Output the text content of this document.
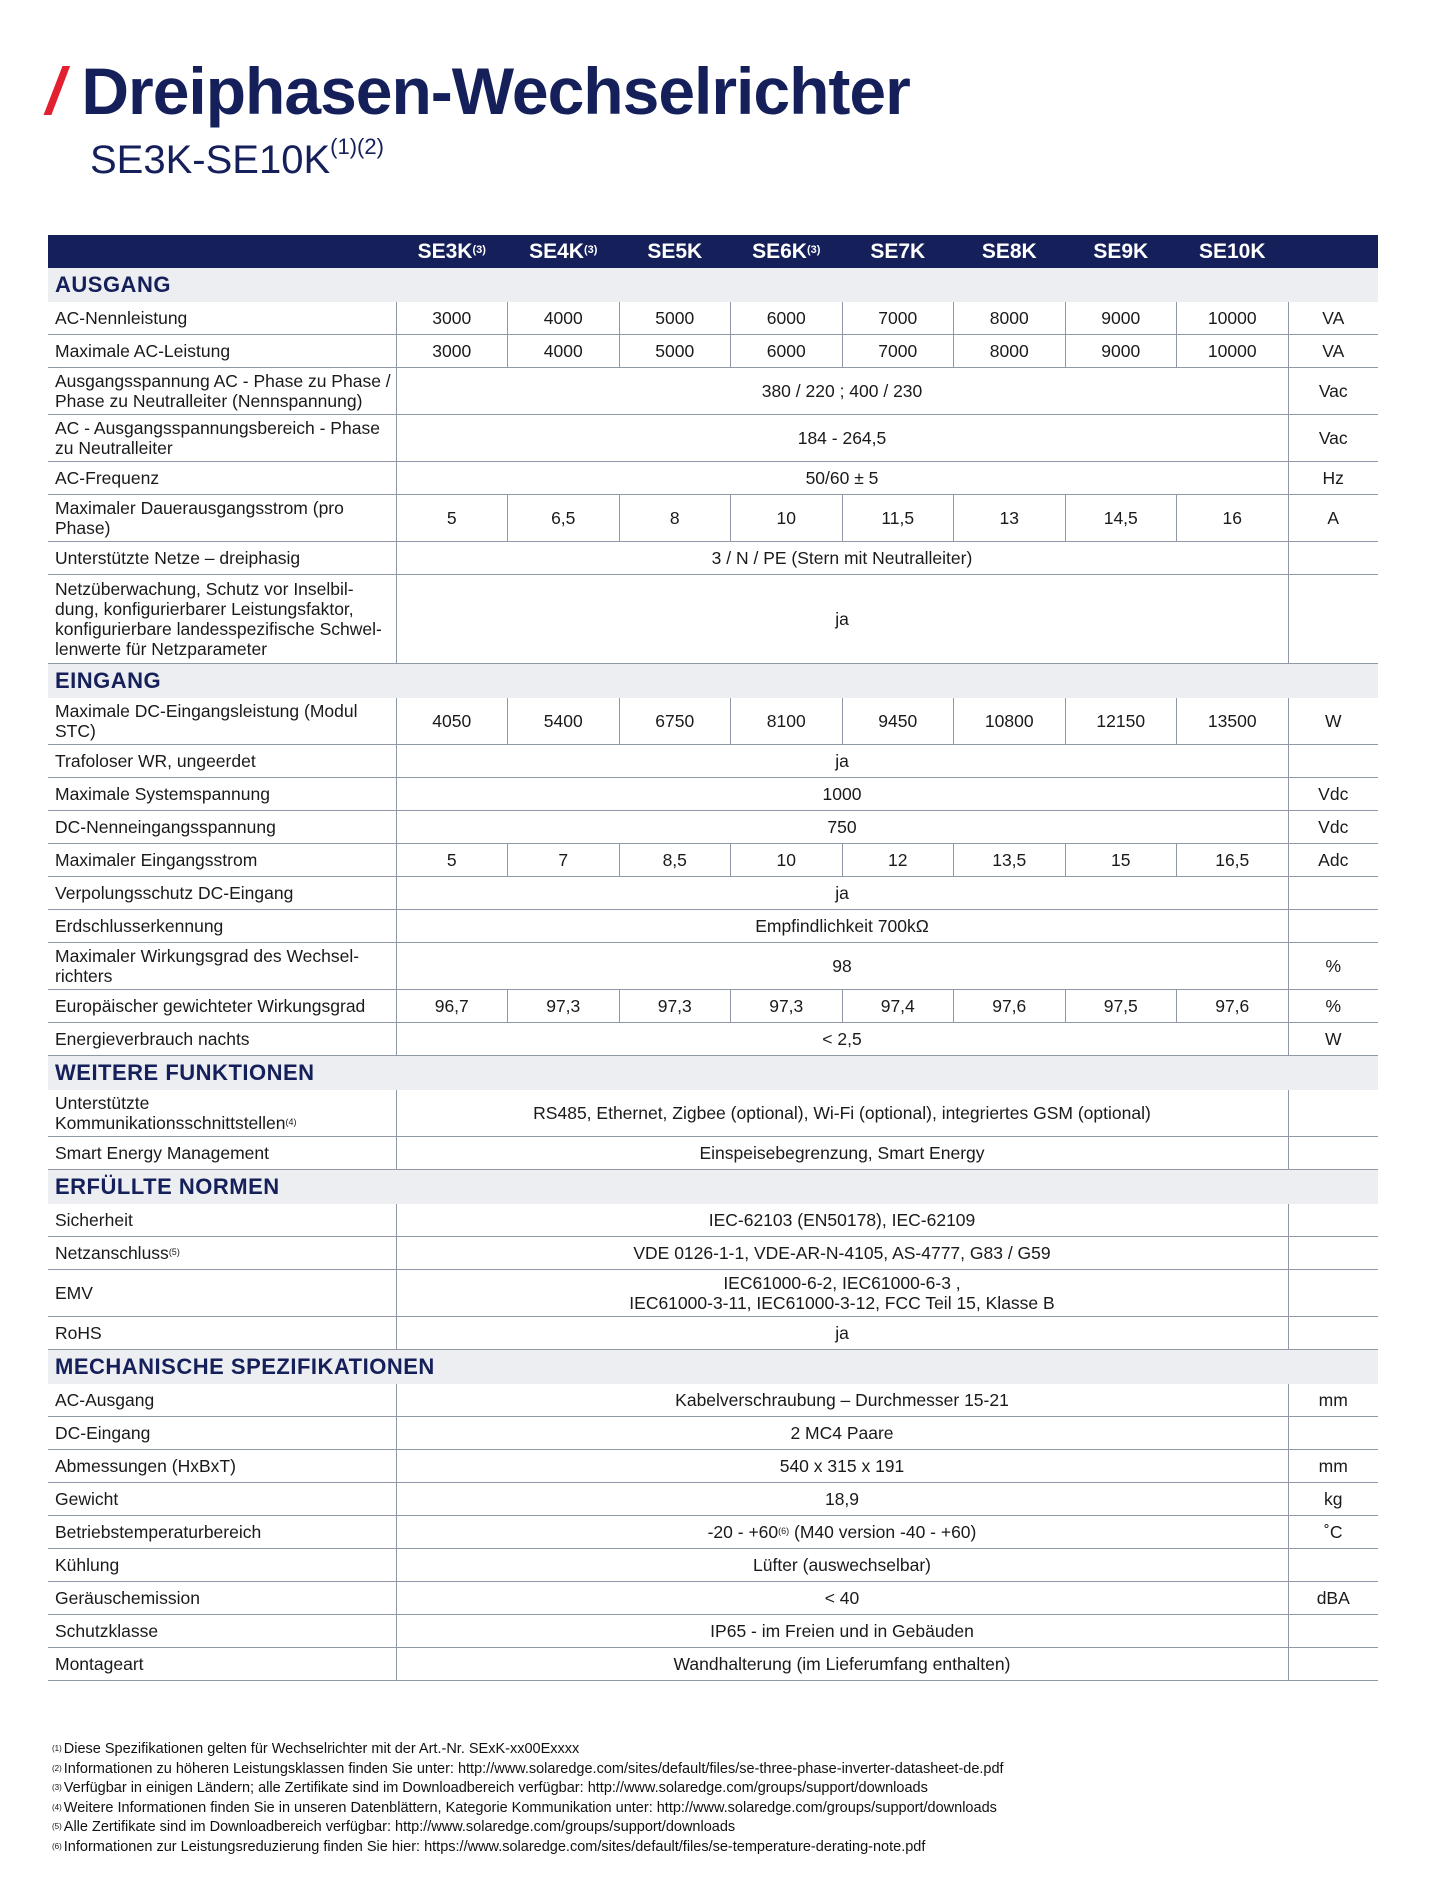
/ Dreiphasen-Wechselrichter
$SE3K-SE10K^{(1)(2)}$
	$SE3K^{(3)}$	$SE4K^{(3)}$	SE5K	$SE6K^{(3)}$	SE7K	SE8K	SE9K	SE10K	
AUSGANG									
AC-Nennleistung	3000	4000	5000	6000	7000	8000	9000	10000	VA
Maximale AC-Leistung	3000	4000	5000	6000	7000	8000	9000	10000	VA
Ausgangsspannung AC - Phase zu Phase / Phase zu Neutralleiter (Nennspannung)	380 / 220 ; 400 / 230								Vac
AC - Ausgangsspannungsbereich - Phase zu Neutralleiter	184 - 264,5								Vac
AC-Frequenz	50/60 ± 5								Hz
Maximaler Dauerausgangsstrom (pro Phase)	5	6,5	8	10	11,5	13	14,5	16	A
Unterstützte Netze – dreiphasig	3 / N / PE (Stern mit Neutralleiter)								
Netzüberwachung, Schutz vor Inselbil-dung, konfigurierbarer Leistungsfaktor, konfigurierbare landesspezifische Schwel-lenwerte für Netzparameter	ja								
EINGANG									
Maximale DC-Eingangsleistung (Modul STC)	4050	5400	6750	8100	9450	10800	12150	13500	W
Trafoloser WR, ungeerdet	ja								
Maximale Systemspannung	1000								Vdc
DC-Nenneingangsspannung	750								Vdc
Maximaler Eingangsstrom	5	7	8,5	10	12	13,5	15	16,5	Adc
Verpolungsschutz DC-Eingang	ja								
Erdschlusserkennung	Empfindlichkeit 700kΩ								
Maximaler Wirkungsgrad des Wechsel-richters	98								%
Europäischer gewichteter Wirkungsgrad	96,7	97,3	97,3	97,3	97,4	97,6	97,5	97,6	%
Energieverbrauch nachts	< 2,5								W
WEITERE FUNKTIONEN									
Unterstützte Kommunikationsschnittstellen$^{(4)}$	RS485, Ethernet, Zigbee (optional), Wi-Fi (optional), integriertes GSM (optional)								
Smart Energy Management	Einspeisebegrenzung, Smart Energy								
ERFÜLLTE NORMEN									
Sicherheit	IEC-62103 (EN50178), IEC-62109								
Netzanschluss$^{(5)}$	VDE 0126-1-1, VDE-AR-N-4105, AS-4777, G83 / G59								
EMV	IEC61000-6-2, IEC61000-6-3 ,
IEC61000-3-11, IEC61000-3-12, FCC Teil 15, Klasse B								
RoHS	ja								
MECHANISCHE SPEZIFIKATIONEN									
AC-Ausgang	Kabelverschraubung – Durchmesser 15-21								mm
DC-Eingang	2 MC4 Paare								
Abmessungen (HxBxT)	540 x 315 x 191								mm
Gewicht	18,9								kg
Betriebstemperaturbereich	$-20 - +60^{(6)}$ (M40 version -40 - +60)								˚C
Kühlung	Lüfter (auswechselbar)								
Geräuschemission	< 40								dBA
Schutzklasse	IP65 - im Freien und in Gebäuden								
Montageart	Wandhalterung (im Lieferumfang enthalten)								
$^{(1)}$ Diese Spezifikationen gelten für Wechselrichter mit der Art.-Nr. SExK-xx00Exxxx
$^{(2)}$ Informationen zu höheren Leistungsklassen finden Sie unter: http://www.solaredge.com/sites/default/files/se-three-phase-inverter-datasheet-de.pdf
$^{(3)}$ Verfügbar in einigen Ländern; alle Zertifikate sind im Downloadbereich verfügbar: http://www.solaredge.com/groups/support/downloads
$^{(4)}$ Weitere Informationen finden Sie in unseren Datenblättern, Kategorie Kommunikation unter: http://www.solaredge.com/groups/support/downloads
$^{(5)}$ Alle Zertifikate sind im Downloadbereich verfügbar: http://www.solaredge.com/groups/support/downloads
$^{(6)}$ Informationen zur Leistungsreduzierung finden Sie hier: https://www.solaredge.com/sites/default/files/se-temperature-derating-note.pdf
